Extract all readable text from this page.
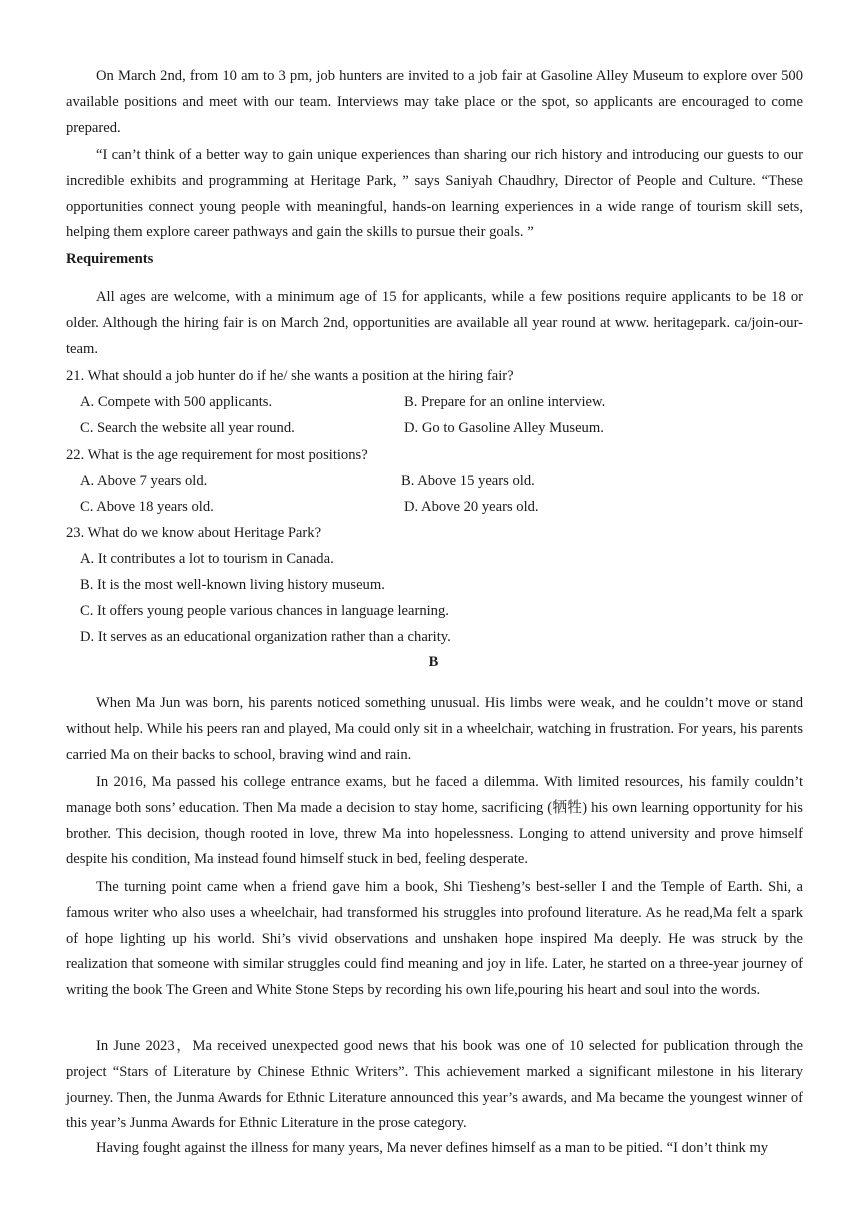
On March 2nd, from 10 am to 3 pm, job hunters are invited to a job fair at Gasoline Alley Museum to explore over 500 available positions and meet with our team. Interviews may take place or the spot, so applicants are encouraged to come prepared.

“I can’t think of a better way to gain unique experiences than sharing our rich history and introducing our guests to our incredible exhibits and programming at Heritage Park, ” says Saniyah Chaudhry, Director of People and Culture. “These opportunities connect young people with meaningful, hands-on learning experiences in a wide range of tourism skill sets, helping them explore career pathways and gain the skills to pursue their goals. ”

Requirements

All ages are welcome, with a minimum age of 15 for applicants, while a few positions require applicants to be 18 or older. Although the hiring fair is on March 2nd, opportunities are available all year round at www. heritagepark. ca/join-our-team.

21. What should a job hunter do if he/ she wants a position at the hiring fair?

A. Compete with 500 applicants.	B. Prepare for an online interview.

C. Search the website all year round.	D. Go to Gasoline Alley Museum.

22. What is the age requirement for most positions?

A. Above 7 years old.	B. Above 15 years old.

C. Above 18 years old.	D. Above 20 years old.

23. What do we know about Heritage Park?

A. It contributes a lot to tourism in Canada.

B. It is the most well-known living history museum.

C. It offers young people various chances in language learning.

D. It serves as an educational organization rather than a charity.

B

When Ma Jun was born, his parents noticed something unusual. His limbs were weak, and he couldn’t move or stand without help. While his peers ran and played, Ma could only sit in a wheelchair, watching in frustration. For years, his parents carried Ma on their backs to school, braving wind and rain.

In 2016, Ma passed his college entrance exams, but he faced a dilemma. With limited resources, his family couldn’t manage both sons’ education. Then Ma made a decision to stay home, sacrificing (牺牲) his own learning opportunity for his brother. This decision, though rooted in love, threw Ma into hopelessness. Longing to attend university and prove himself despite his condition, Ma instead found himself stuck in bed, feeling desperate.

The turning point came when a friend gave him a book, Shi Tiesheng’s best-seller I and the Temple of Earth. Shi, a famous writer who also uses a wheelchair, had transformed his struggles into profound literature. As he read,Ma felt a spark of hope lighting up his world. Shi’s vivid observations and unshaken hope inspired Ma deeply. He was struck by the realization that someone with similar struggles could find meaning and joy in life. Later, he started on a three-year journey of writing the book The Green and White Stone Steps by recording his own life,pouring his heart and soul into the words.

In June 2023，Ma received unexpected good news that his book was one of 10 selected for publication through the project “Stars of Literature by Chinese Ethnic Writers”. This achievement marked a significant milestone in his literary journey. Then, the Junma Awards for Ethnic Literature announced this year’s awards, and Ma became the youngest winner of this year’s Junma Awards for Ethnic Literature in the prose category.

Having fought against the illness for many years, Ma never defines himself as a man to be pitied. “I don’t think my
